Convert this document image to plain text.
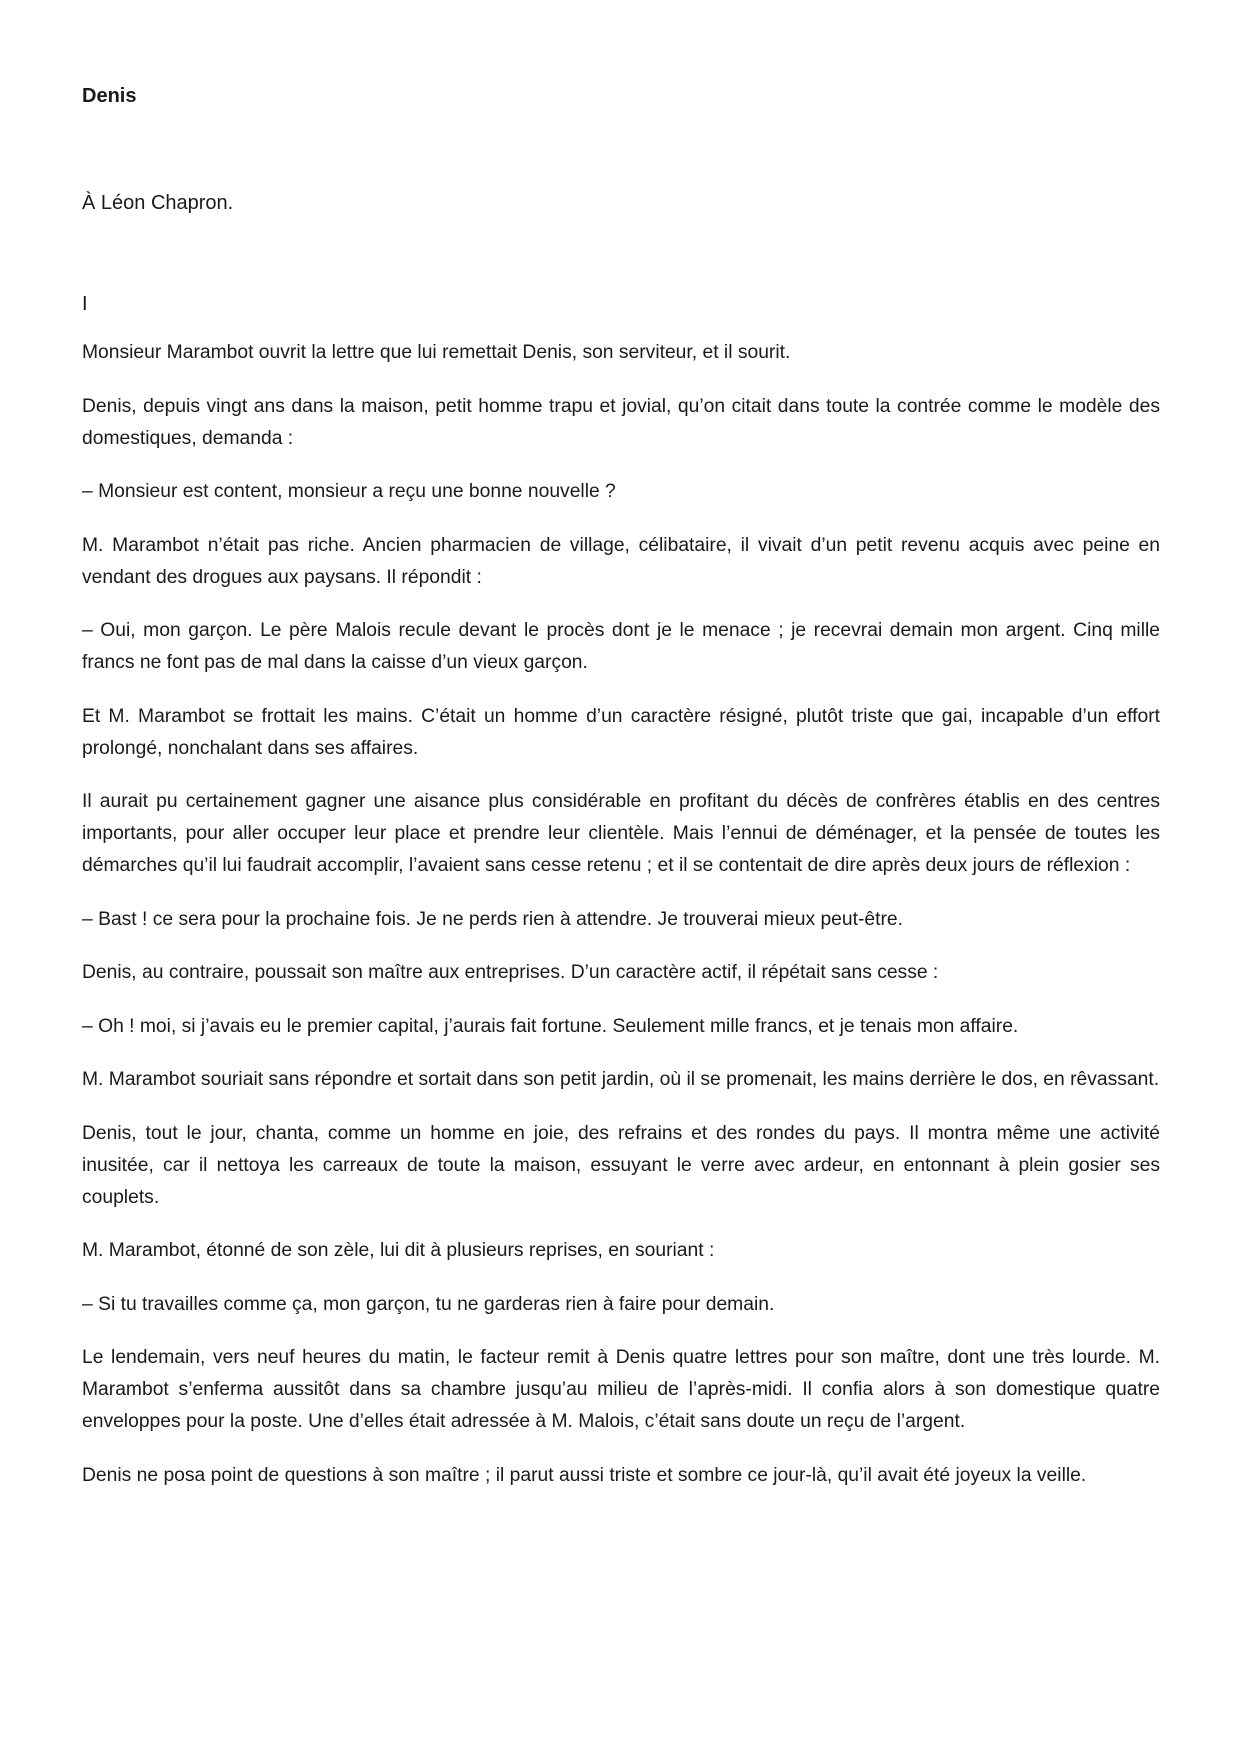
Denis

À Léon Chapron.

I

Monsieur Marambot ouvrit la lettre que lui remettait Denis, son serviteur, et il sourit.

Denis, depuis vingt ans dans la maison, petit homme trapu et jovial, qu’on citait dans toute la contrée comme le modèle des domestiques, demanda :

– Monsieur est content, monsieur a reçu une bonne nouvelle ?

M. Marambot n’était pas riche. Ancien pharmacien de village, célibataire, il vivait d’un petit revenu acquis avec peine en vendant des drogues aux paysans. Il répondit :

– Oui, mon garçon. Le père Malois recule devant le procès dont je le menace ; je recevrai demain mon argent. Cinq mille francs ne font pas de mal dans la caisse d’un vieux garçon.

Et M. Marambot se frottait les mains. C’était un homme d’un caractère résigné, plutôt triste que gai, incapable d’un effort prolongé, nonchalant dans ses affaires.

Il aurait pu certainement gagner une aisance plus considérable en profitant du décès de confrères établis en des centres importants, pour aller occuper leur place et prendre leur clientèle. Mais l’ennui de déménager, et la pensée de toutes les démarches qu’il lui faudrait accomplir, l’avaient sans cesse retenu ; et il se contentait de dire après deux jours de réflexion :

– Bast ! ce sera pour la prochaine fois. Je ne perds rien à attendre. Je trouverai mieux peut-être.

Denis, au contraire, poussait son maître aux entreprises. D’un caractère actif, il répétait sans cesse :

– Oh ! moi, si j’avais eu le premier capital, j’aurais fait fortune. Seulement mille francs, et je tenais mon affaire.

M. Marambot souriait sans répondre et sortait dans son petit jardin, où il se promenait, les mains derrière le dos, en rêvassant.

Denis, tout le jour, chanta, comme un homme en joie, des refrains et des rondes du pays. Il montra même une activité inusitée, car il nettoya les carreaux de toute la maison, essuyant le verre avec ardeur, en entonnant à plein gosier ses couplets.

M. Marambot, étonné de son zèle, lui dit à plusieurs reprises, en souriant :

– Si tu travailles comme ça, mon garçon, tu ne garderas rien à faire pour demain.

Le lendemain, vers neuf heures du matin, le facteur remit à Denis quatre lettres pour son maître, dont une très lourde. M. Marambot s’enferma aussitôt dans sa chambre jusqu’au milieu de l’après-midi. Il confia alors à son domestique quatre enveloppes pour la poste. Une d’elles était adressée à M. Malois, c’était sans doute un reçu de l’argent.

Denis ne posa point de questions à son maître ; il parut aussi triste et sombre ce jour-là, qu’il avait été joyeux la veille.
